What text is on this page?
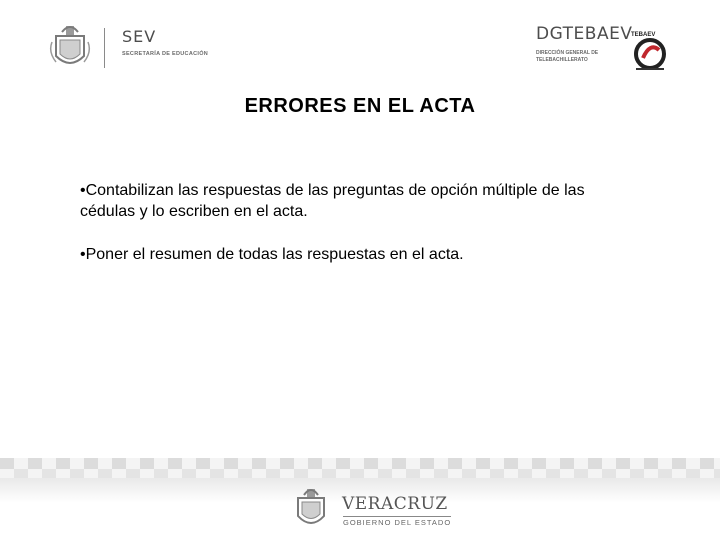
SEV
SECRETARÍA DE EDUCACIÓN
DGTEBAEV
DIRECCIÓN GENERAL DE
TELEBACHILLERATO
TEBAEV
ERRORES EN EL ACTA

•Contabilizan las respuestas de las preguntas de opción múltiple de las cédulas y lo escriben en el acta.

•Poner el resumen de todas las respuestas en el acta.

VERACRUZ
GOBIERNO DEL ESTADO
